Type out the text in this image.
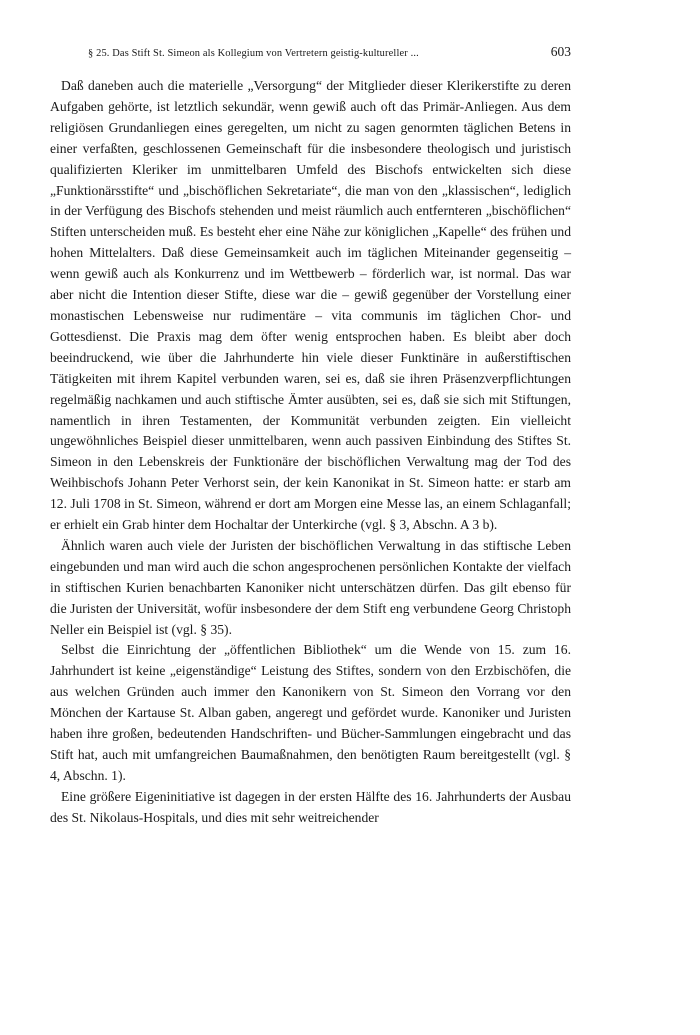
§ 25. Das Stift St. Simeon als Kollegium von Vertretern geistig-kultureller ...	603

Daß daneben auch die materielle „Versorgung“ der Mitglieder dieser Klerikerstifte zu deren Aufgaben gehörte, ist letztlich sekundär, wenn gewiß auch oft das Primär-Anliegen. Aus dem religiösen Grundanliegen eines geregelten, um nicht zu sagen genormten täglichen Betens in einer verfaßten, geschlossenen Gemeinschaft für die insbesondere theologisch und juristisch qualifizierten Kleriker im unmittelbaren Umfeld des Bischofs entwickelten sich diese „Funktionärsstifte“ und „bischöflichen Sekretariate“, die man von den „klassischen“, lediglich in der Verfügung des Bischofs stehenden und meist räumlich auch entfernteren „bischöflichen“ Stiften unterscheiden muß. Es besteht eher eine Nähe zur königlichen „Kapelle“ des frühen und hohen Mittelalters. Daß diese Gemeinsamkeit auch im täglichen Miteinander gegenseitig – wenn gewiß auch als Konkurrenz und im Wettbewerb – förderlich war, ist normal. Das war aber nicht die Intention dieser Stifte, diese war die – gewiß gegenüber der Vorstellung einer monastischen Lebensweise nur rudimentäre – vita communis im täglichen Chor- und Gottesdienst. Die Praxis mag dem öfter wenig entsprochen haben. Es bleibt aber doch beeindruckend, wie über die Jahrhunderte hin viele dieser Funktinäre in außerstiftischen Tätigkeiten mit ihrem Kapitel verbunden waren, sei es, daß sie ihren Präsenzverpflichtungen regelmäßig nachkamen und auch stiftische Ämter ausübten, sei es, daß sie sich mit Stiftungen, namentlich in ihren Testamenten, der Kommunität verbunden zeigten. Ein vielleicht ungewöhnliches Beispiel dieser unmittelbaren, wenn auch passiven Einbindung des Stiftes St. Simeon in den Lebenskreis der Funktionäre der bischöflichen Verwaltung mag der Tod des Weihbischofs Johann Peter Verhorst sein, der kein Kanonikat in St. Simeon hatte: er starb am 12. Juli 1708 in St. Simeon, während er dort am Morgen eine Messe las, an einem Schlaganfall; er erhielt ein Grab hinter dem Hochaltar der Unterkirche (vgl. § 3, Abschn. A 3 b).

Ähnlich waren auch viele der Juristen der bischöflichen Verwaltung in das stiftische Leben eingebunden und man wird auch die schon angesprochenen persönlichen Kontakte der vielfach in stiftischen Kurien benachbarten Kanoniker nicht unterschätzen dürfen. Das gilt ebenso für die Juristen der Universität, wofür insbesondere der dem Stift eng verbundene Georg Christoph Neller ein Beispiel ist (vgl. § 35).

Selbst die Einrichtung der „öffentlichen Bibliothek“ um die Wende von 15. zum 16. Jahrhundert ist keine „eigenständige“ Leistung des Stiftes, sondern von den Erzbischöfen, die aus welchen Gründen auch immer den Kanonikern von St. Simeon den Vorrang vor den Mönchen der Kartause St. Alban gaben, angeregt und gefördet wurde. Kanoniker und Juristen haben ihre großen, bedeutenden Handschriften- und Bücher-Sammlungen eingebracht und das Stift hat, auch mit umfangreichen Baumaßnahmen, den benötigten Raum bereitgestellt (vgl. § 4, Abschn. 1).

Eine größere Eigeninitiative ist dagegen in der ersten Hälfte des 16. Jahrhunderts der Ausbau des St. Nikolaus-Hospitals, und dies mit sehr weitreichender
